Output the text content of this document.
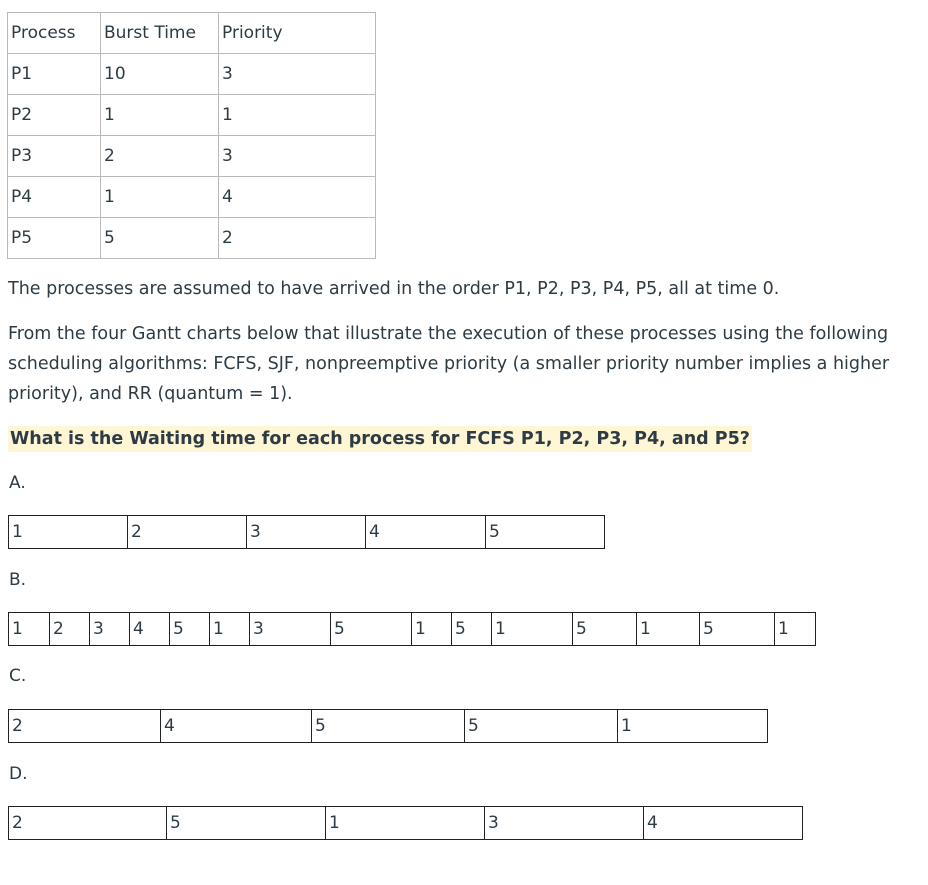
Process	Burst Time	Priority
P1	10	3
P2	1	1
P3	2	3
P4	1	4
P5	5	2

The processes are assumed to have arrived in the order P1, P2, P3, P4, P5, all at time 0.

From the four Gantt charts below that illustrate the execution of these processes using the following scheduling algorithms: FCFS, SJF, nonpreemptive priority (a smaller priority number implies a higher priority), and RR (quantum = 1).

What is the Waiting time for each process for FCFS P1, P2, P3, P4, and P5?
A.
1	2	3	4	5
B.
1 2 3 4 5 1 3	5	1 5 1	5	1	5	1
C.
2	4	5	5	1
D.
2	5	1	3	4
